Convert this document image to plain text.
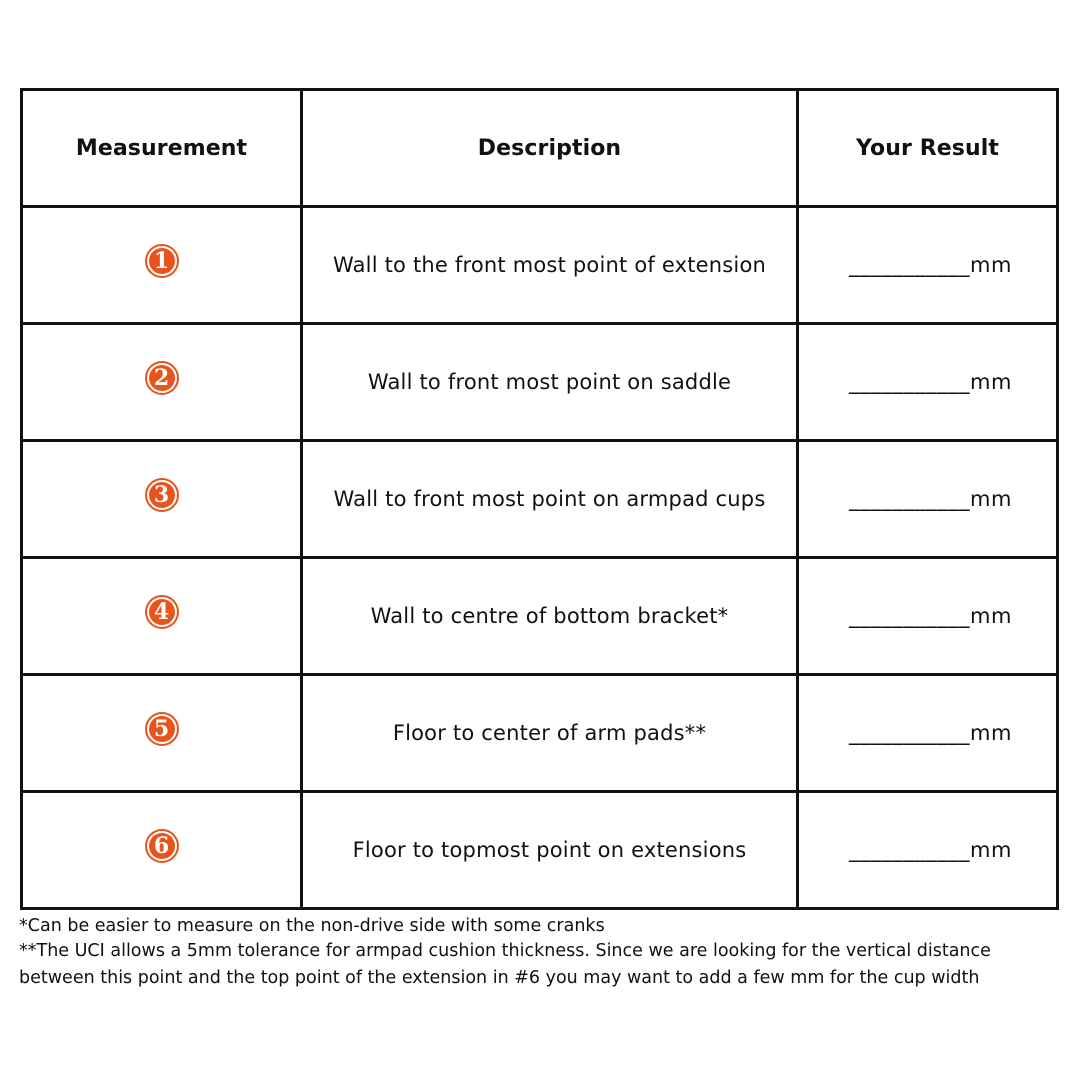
Measurement	Description	Your Result

1	Wall to the front most point of extension	___________mm

2	Wall to front most point on saddle	___________mm

3	Wall to front most point on armpad cups	___________mm

4	Wall to centre of bottom bracket*	___________mm

5	Floor to center of arm pads**	___________mm

6	Floor to topmost point on extensions	___________mm

*Can be easier to measure on the non-drive side with some cranks

**The UCI allows a 5mm tolerance for armpad cushion thickness. Since we are looking for the vertical distance between this point and the top point of the extension in #6 you may want to add a few mm for the cup width
